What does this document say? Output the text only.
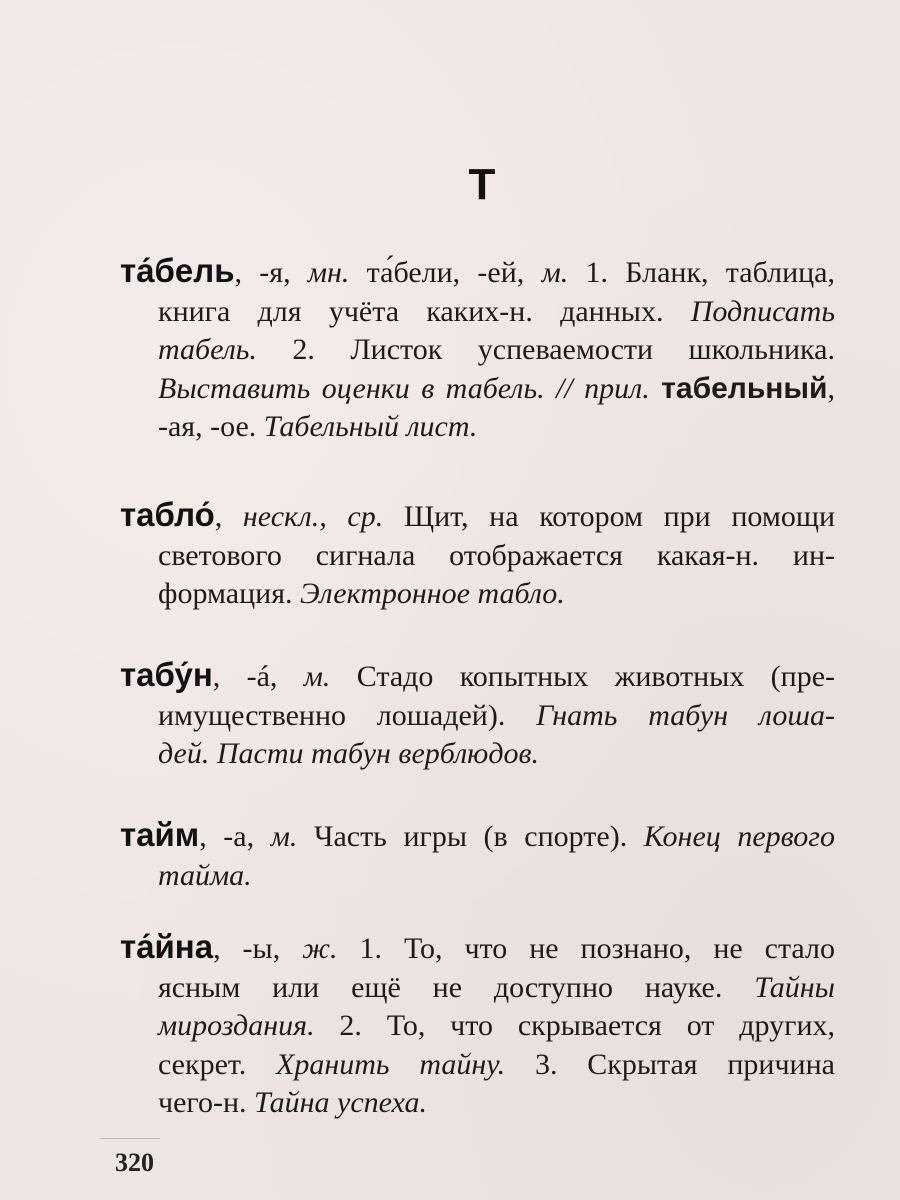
Т
та́бель, -я, мн. та́бели, -ей, м. 1. Бланк, таблица,
книга для учёта каких-н. данных. Подписать
табель. 2. Листок успеваемости школьника.
Выставить оценки в табель. // прил. табельный,
-ая, -ое. Табельный лист.
табло́, нескл., ср. Щит, на котором при помощи
светового сигнала отображается какая-н. ин-
формация. Электронное табло.
табу́н, -á, м. Стадо копытных животных (пре-
имущественно лошадей). Гнать табун лоша-
дей. Пасти табун верблюдов.
тайм, -а, м. Часть игры (в спорте). Конец первого
тайма.
та́йна, -ы, ж. 1. То, что не познано, не стало
ясным или ещё не доступно науке. Тайны
мироздания. 2. То, что скрывается от других,
секрет. Хранить тайну. 3. Скрытая причина
чего-н. Тайна успеха.
320
